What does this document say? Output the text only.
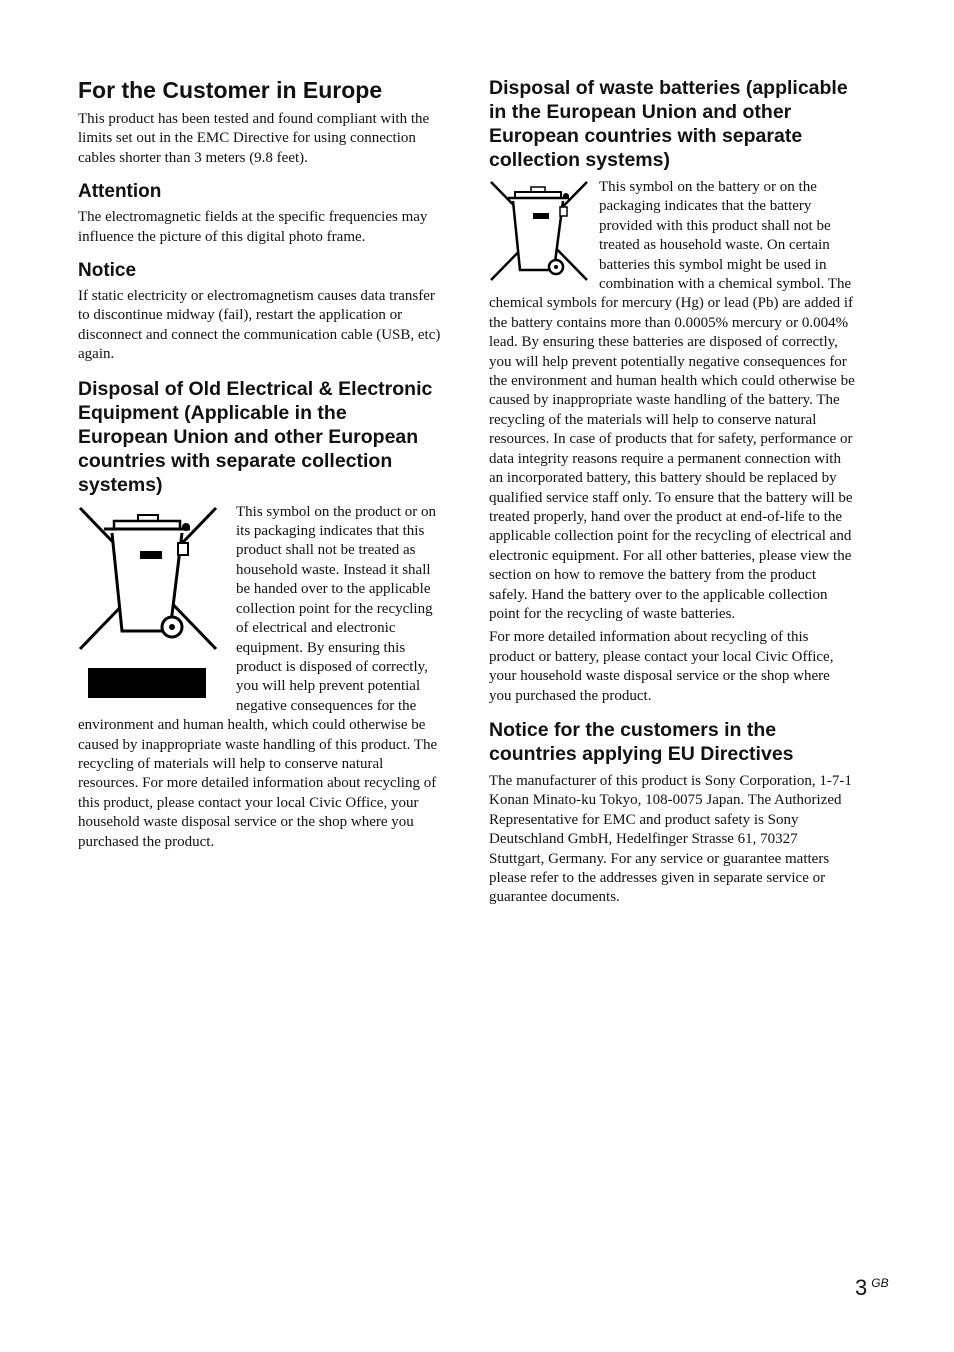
For the Customer in Europe

This product has been tested and found compliant with the limits set out in the EMC Directive for using connection cables shorter than 3 meters (9.8 feet).

Attention

The electromagnetic fields at the specific frequencies may influence the picture of this digital photo frame.

Notice

If static electricity or electromagnetism causes data transfer to discontinue midway (fail), restart the application or disconnect and connect the communication cable (USB, etc) again.

Disposal of Old Electrical & Electronic Equipment (Applicable in the European Union and other European countries with separate collection systems)

This symbol on the product or on its packaging indicates that this product shall not be treated as household waste. Instead it shall be handed over to the applicable collection point for the recycling of electrical and electronic equipment. By ensuring this product is disposed of correctly, you will help prevent potential negative consequences for the environment and human health, which could otherwise be caused by inappropriate waste handling of this product. The recycling of materials will help to conserve natural resources. For more detailed information about recycling of this product, please contact your local Civic Office, your household waste disposal service or the shop where you purchased the product.

Disposal of waste batteries (applicable in the European Union and other European countries with separate collection systems)

This symbol on the battery or on the packaging indicates that the battery provided with this product shall not be treated as household waste. On certain batteries this symbol might be used in combination with a chemical symbol. The chemical symbols for mercury (Hg) or lead (Pb) are added if the battery contains more than 0.0005% mercury or 0.004% lead. By ensuring these batteries are disposed of correctly, you will help prevent potentially negative consequences for the environment and human health which could otherwise be caused by inappropriate waste handling of the battery. The recycling of the materials will help to conserve natural resources. In case of products that for safety, performance or data integrity reasons require a permanent connection with an incorporated battery, this battery should be replaced by qualified service staff only. To ensure that the battery will be treated properly, hand over the product at end-of-life to the applicable collection point for the recycling of electrical and electronic equipment. For all other batteries, please view the section on how to remove the battery from the product safely. Hand the battery over to the applicable collection point for the recycling of waste batteries.

For more detailed information about recycling of this product or battery, please contact your local Civic Office, your household waste disposal service or the shop where you purchased the product.

Notice for the customers in the countries applying EU Directives

The manufacturer of this product is Sony Corporation, 1-7-1 Konan Minato-ku Tokyo, 108-0075 Japan. The Authorized Representative for EMC and product safety is Sony Deutschland GmbH, Hedelfinger Strasse 61, 70327 Stuttgart, Germany. For any service or guarantee matters please refer to the addresses given in separate service or guarantee documents.

3 $^{GB}$
